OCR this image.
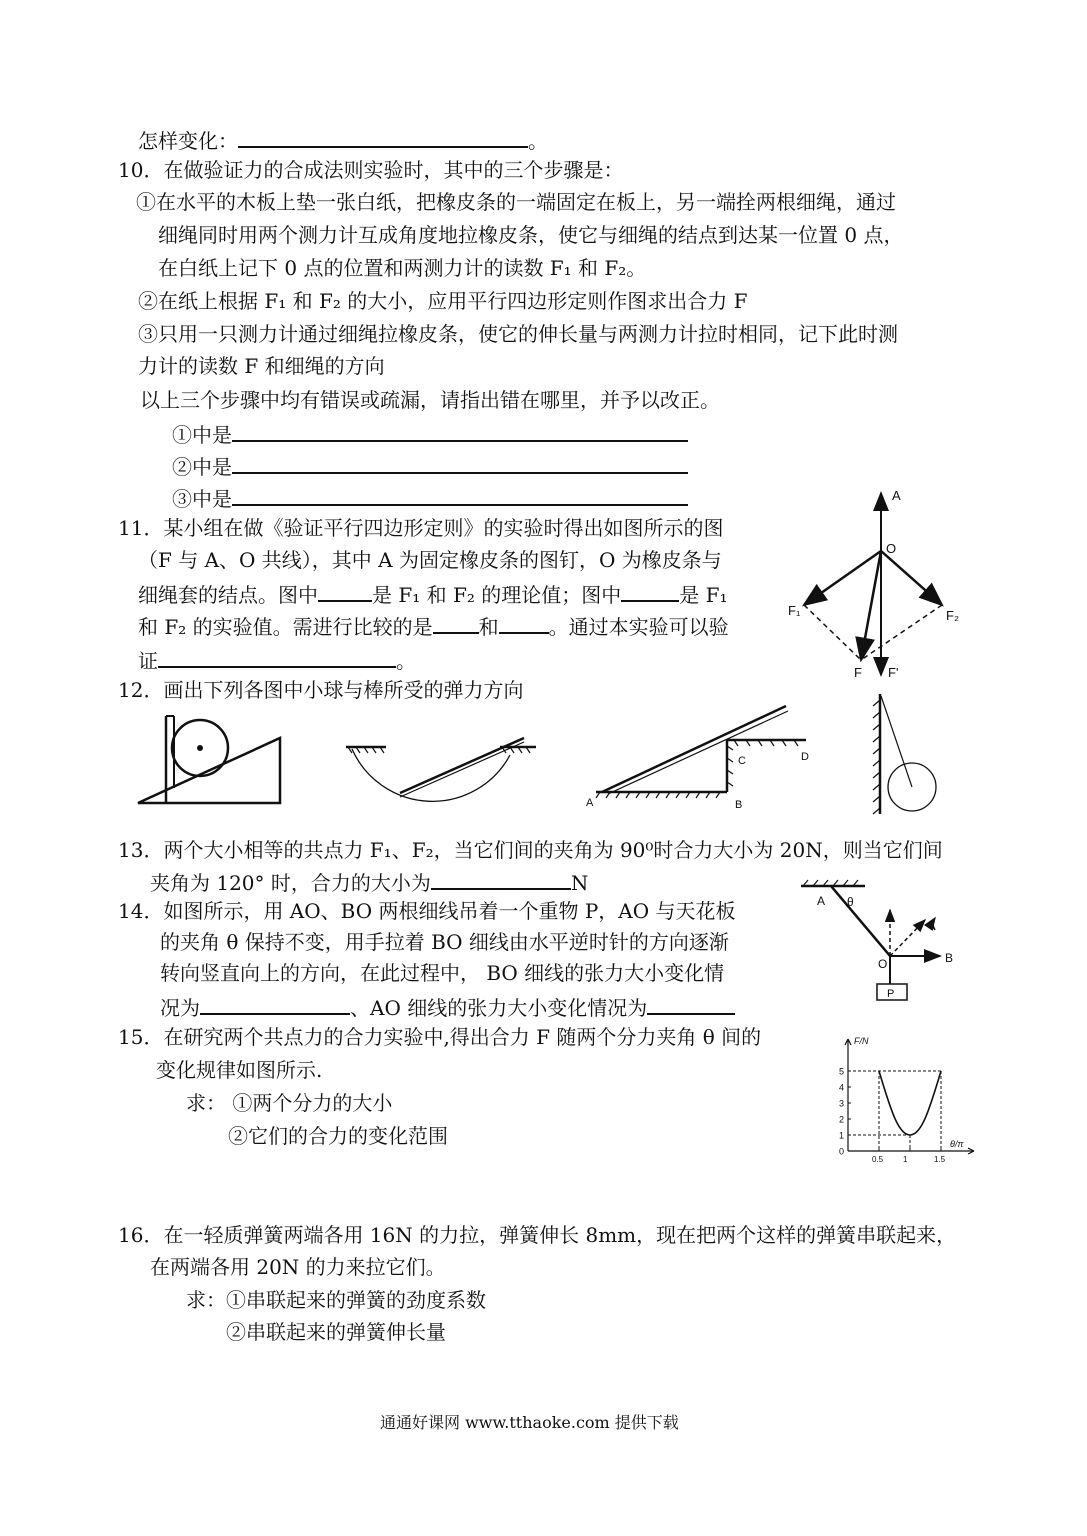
怎样变化：	。
10．在做验证力的合成法则实验时，其中的三个步骤是：
①在水平的木板上垫一张白纸，把橡皮条的一端固定在板上，另一端拴两根细绳，通过
细绳同时用两个测力计互成角度地拉橡皮条，使它与细绳的结点到达某一位置 0 点，
在白纸上记下 0 点的位置和两测力计的读数 F₁ 和 F₂。
②在纸上根据 F₁ 和 F₂ 的大小，应用平行四边形定则作图求出合力 F
③只用一只测力计通过细绳拉橡皮条，使它的伸长量与两测力计拉时相同，记下此时测
力计的读数 F 和细绳的方向
以上三个步骤中均有错误或疏漏，请指出错在哪里，并予以改正。
①中是
②中是
③中是
11．某小组在做《验证平行四边形定则》的实验时得出如图所示的图
（F 与 A、O 共线），其中 A 为固定橡皮条的图钉，O 为橡皮条与
细绳套的结点。图中	是 F₁ 和 F₂ 的理论值；图中	是 F₁
和 F₂ 的实验值。需进行比较的是 和	。通过本实验可以验
证	。
A
O
F₁	F₂
F F'
12．画出下列各图中小球与棒所受的弹力方向
A	B
C	D
13．两个大小相等的共点力 F₁、F₂，当它们间的夹角为 90⁰时合力大小为 20N，则当它们间
夹角为 120° 时，合力的大小为	N
14．如图所示，用 AO、BO 两根细线吊着一个重物 P，AO 与天花板
的夹角 θ 保持不变，用手拉着 BO 细线由水平逆时针的方向逐渐
转向竖直向上的方向，在此过程中， BO 细线的张力大小变化情
况为	、AO 细线的张力大小变化情况为
A θ
O	B
P
15．在研究两个共点力的合力实验中,得出合力 F 随两个分力夹角 θ 间的
变化规律如图所示.
求： ①两个分力的大小
②它们的合力的变化范围
F/N
θ/π
0
1
2
3
4
5
0.5 1	1.5
16．在一轻质弹簧两端各用 16N 的力拉，弹簧伸长 8mm，现在把两个这样的弹簧串联起来，
在两端各用 20N 的力来拉它们。
求：①串联起来的弹簧的劲度系数
②串联起来的弹簧伸长量
通通好课网 www.tthaoke.com 提供下载
